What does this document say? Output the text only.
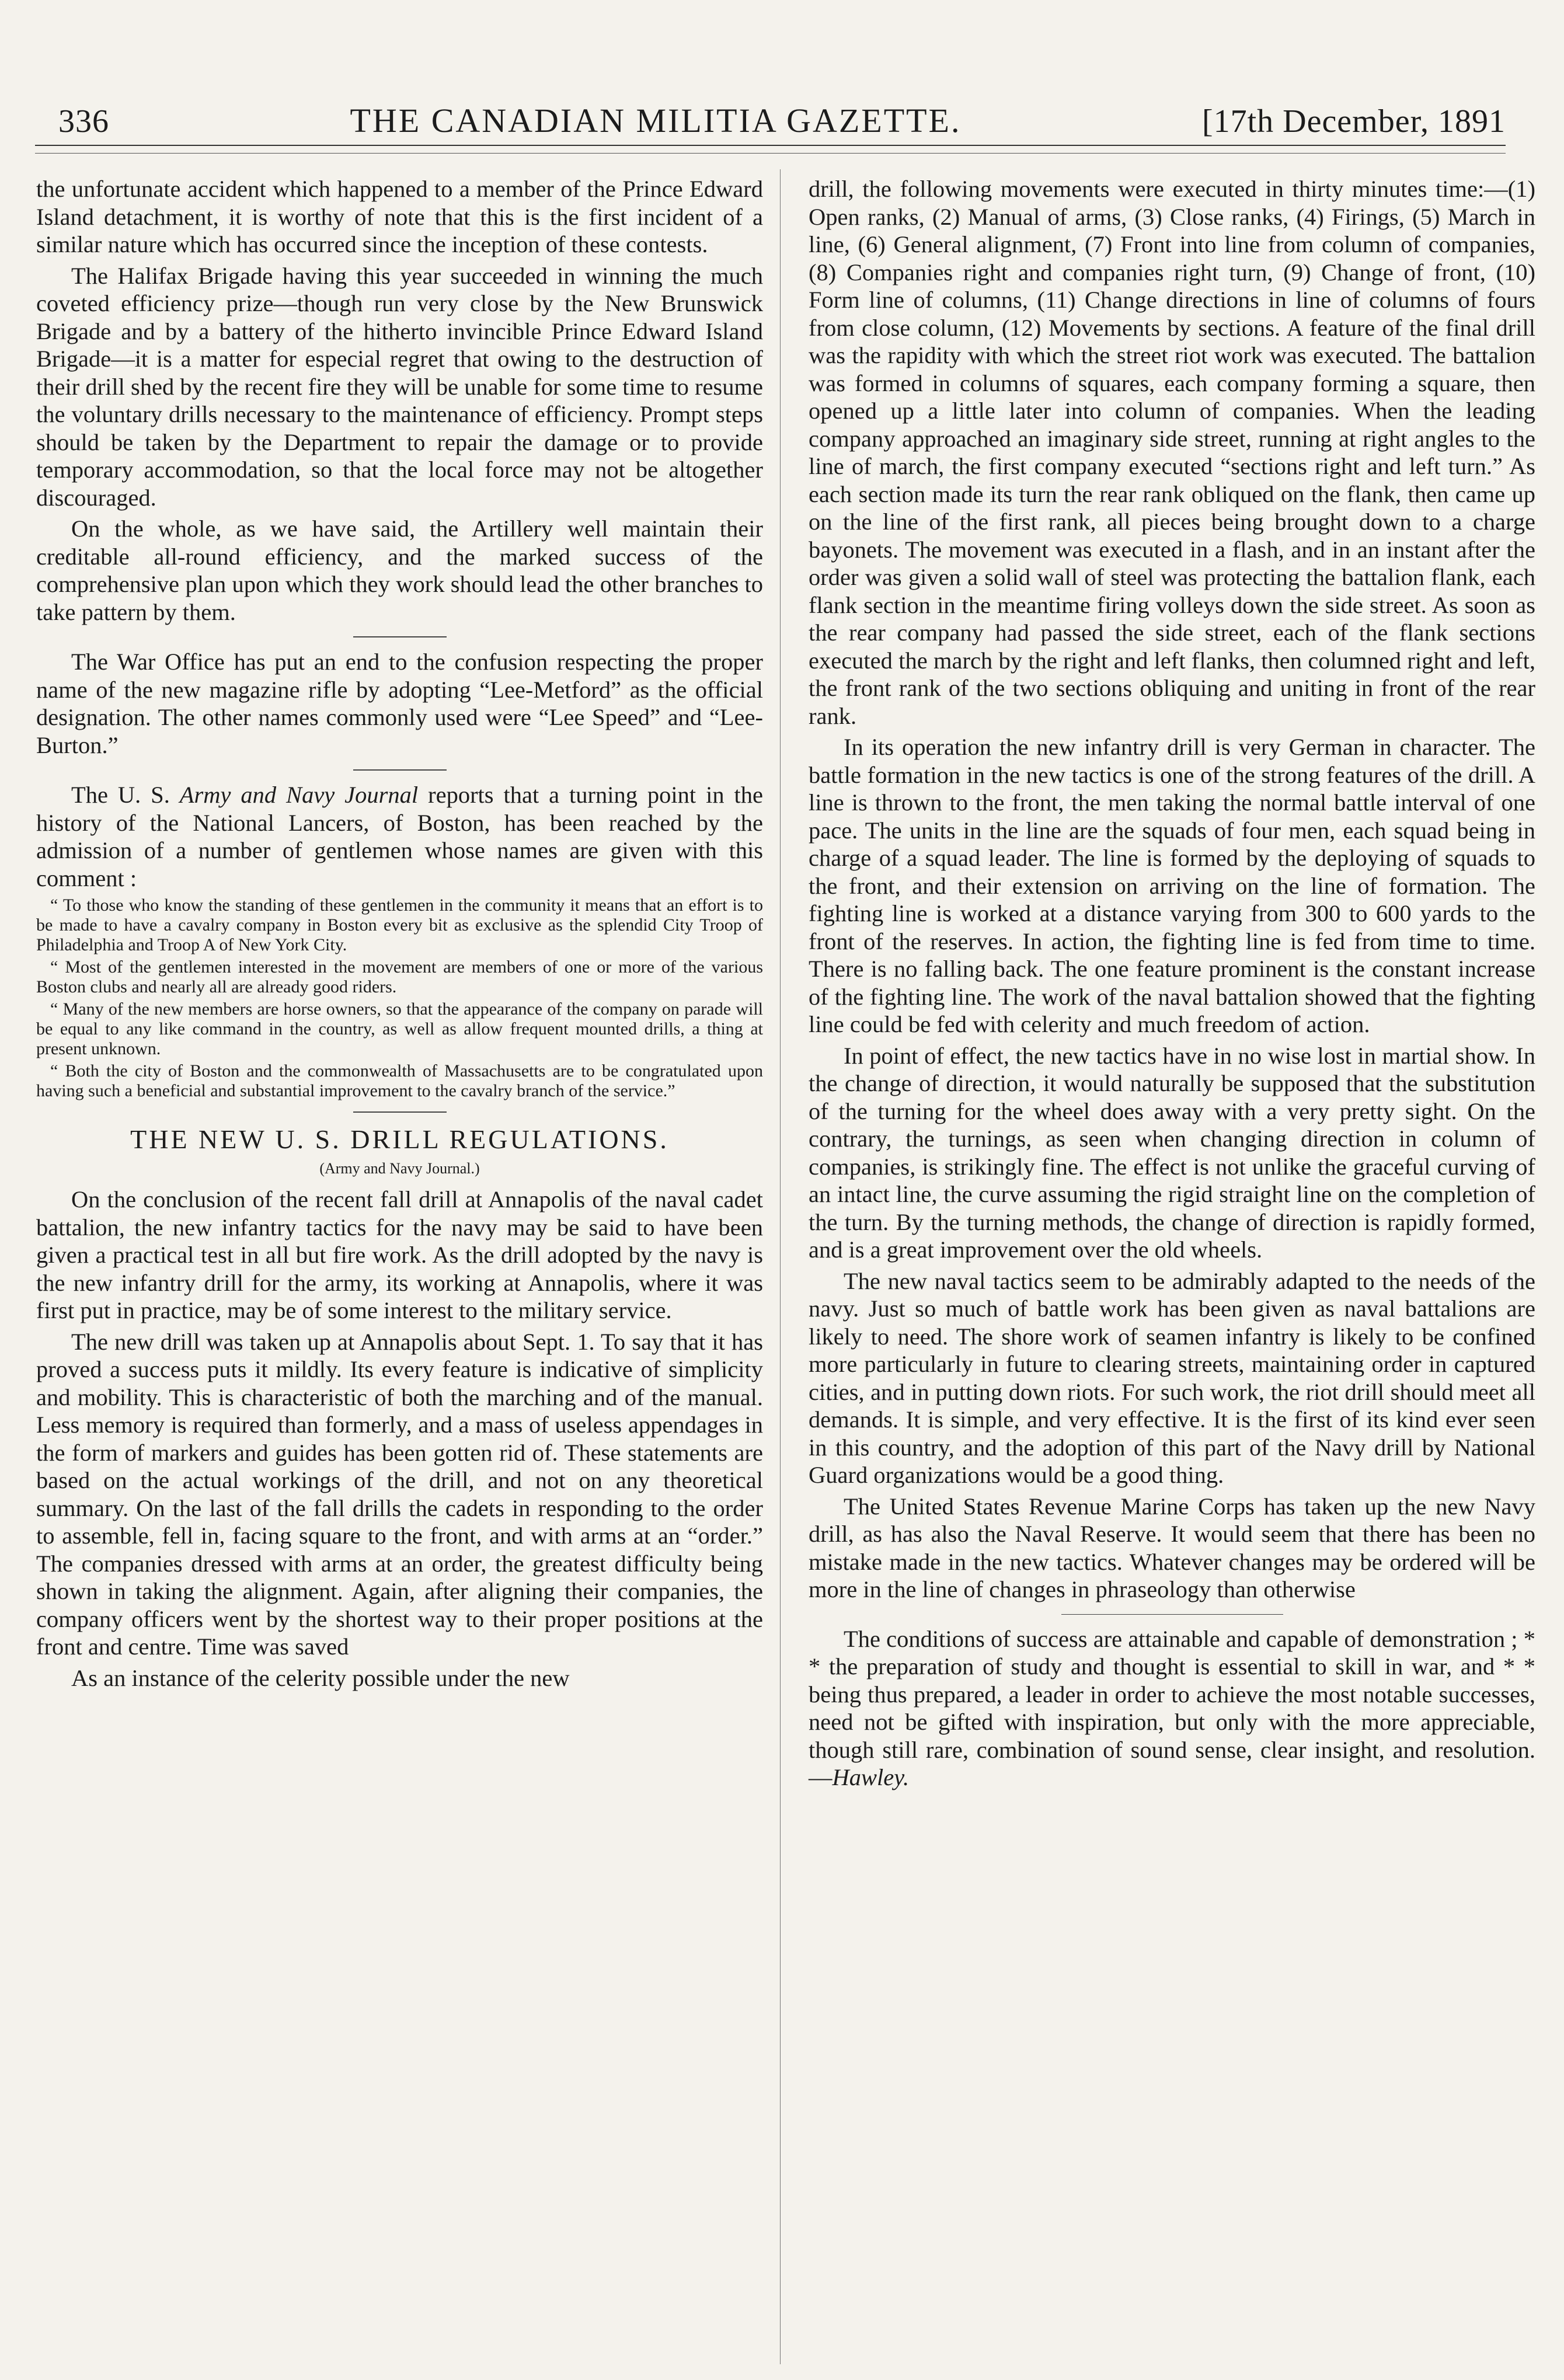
336	THE CANADIAN MILITIA GAZETTE.	[17th December, 1891

the unfortunate accident which happened to a member of the Prince Edward Island detachment, it is worthy of note that this is the first incident of a similar nature which has occurred since the inception of these contests.

The Halifax Brigade having this year succeeded in winning the much coveted efficiency prize—though run very close by the New Brunswick Brigade and by a battery of the hitherto invincible Prince Edward Island Brigade—it is a matter for especial regret that owing to the destruction of their drill shed by the recent fire they will be unable for some time to resume the voluntary drills necessary to the maintenance of efficiency. Prompt steps should be taken by the Department to repair the damage or to provide temporary accommodation, so that the local force may not be altogether discouraged.

On the whole, as we have said, the Artillery well maintain their creditable all-round efficiency, and the marked success of the comprehensive plan upon which they work should lead the other branches to take pattern by them.

The War Office has put an end to the confusion respecting the proper name of the new magazine rifle by adopting “Lee-Metford” as the official designation. The other names commonly used were “Lee Speed” and “Lee-Burton.”

The U. S. Army and Navy Journal reports that a turning point in the history of the National Lancers, of Boston, has been reached by the admission of a number of gentlemen whose names are given with this comment :

“ To those who know the standing of these gentlemen in the community it means that an effort is to be made to have a cavalry company in Boston every bit as exclusive as the splendid City Troop of Philadelphia and Troop A of New York City.

“ Most of the gentlemen interested in the movement are members of one or more of the various Boston clubs and nearly all are already good riders.

“ Many of the new members are horse owners, so that the appearance of the company on parade will be equal to any like command in the country, as well as allow frequent mounted drills, a thing at present unknown.

“ Both the city of Boston and the commonwealth of Massachusetts are to be congratulated upon having such a beneficial and substantial improvement to the cavalry branch of the service.”

THE NEW U. S. DRILL REGULATIONS.
(Army and Navy Journal.)

On the conclusion of the recent fall drill at Annapolis of the naval cadet battalion, the new infantry tactics for the navy may be said to have been given a practical test in all but fire work. As the drill adopted by the navy is the new infantry drill for the army, its working at Annapolis, where it was first put in practice, may be of some interest to the military service.

The new drill was taken up at Annapolis about Sept. 1. To say that it has proved a success puts it mildly. Its every feature is indicative of simplicity and mobility. This is characteristic of both the marching and of the manual. Less memory is required than formerly, and a mass of useless appendages in the form of markers and guides has been gotten rid of. These statements are based on the actual workings of the drill, and not on any theoretical summary. On the last of the fall drills the cadets in responding to the order to assemble, fell in, facing square to the front, and with arms at an “order.” The companies dressed with arms at an order, the greatest difficulty being shown in taking the alignment. Again, after aligning their companies, the company officers went by the shortest way to their proper positions at the front and centre. Time was saved

As an instance of the celerity possible under the new

drill, the following movements were executed in thirty minutes time:—(1) Open ranks, (2) Manual of arms, (3) Close ranks, (4) Firings, (5) March in line, (6) General alignment, (7) Front into line from column of companies, (8) Companies right and companies right turn, (9) Change of front, (10) Form line of columns, (11) Change directions in line of columns of fours from close column, (12) Movements by sections. A feature of the final drill was the rapidity with which the street riot work was executed. The battalion was formed in columns of squares, each company forming a square, then opened up a little later into column of companies. When the leading company approached an imaginary side street, running at right angles to the line of march, the first company executed “sections right and left turn.” As each section made its turn the rear rank obliqued on the flank, then came up on the line of the first rank, all pieces being brought down to a charge bayonets. The movement was executed in a flash, and in an instant after the order was given a solid wall of steel was protecting the battalion flank, each flank section in the meantime firing volleys down the side street. As soon as the rear company had passed the side street, each of the flank sections executed the march by the right and left flanks, then columned right and left, the front rank of the two sections obliquing and uniting in front of the rear rank.

In its operation the new infantry drill is very German in character. The battle formation in the new tactics is one of the strong features of the drill. A line is thrown to the front, the men taking the normal battle interval of one pace. The units in the line are the squads of four men, each squad being in charge of a squad leader. The line is formed by the deploying of squads to the front, and their extension on arriving on the line of formation. The fighting line is worked at a distance varying from 300 to 600 yards to the front of the reserves. In action, the fighting line is fed from time to time. There is no falling back. The one feature prominent is the constant increase of the fighting line. The work of the naval battalion showed that the fighting line could be fed with celerity and much freedom of action.

In point of effect, the new tactics have in no wise lost in martial show. In the change of direction, it would naturally be supposed that the substitution of the turning for the wheel does away with a very pretty sight. On the contrary, the turnings, as seen when changing direction in column of companies, is strikingly fine. The effect is not unlike the graceful curving of an intact line, the curve assuming the rigid straight line on the completion of the turn. By the turning methods, the change of direction is rapidly formed, and is a great improvement over the old wheels.

The new naval tactics seem to be admirably adapted to the needs of the navy. Just so much of battle work has been given as naval battalions are likely to need. The shore work of seamen infantry is likely to be confined more particularly in future to clearing streets, maintaining order in captured cities, and in putting down riots. For such work, the riot drill should meet all demands. It is simple, and very effective. It is the first of its kind ever seen in this country, and the adoption of this part of the Navy drill by National Guard organizations would be a good thing.

The United States Revenue Marine Corps has taken up the new Navy drill, as has also the Naval Reserve. It would seem that there has been no mistake made in the new tactics. Whatever changes may be ordered will be more in the line of changes in phraseology than otherwise

The conditions of success are attainable and capable of demonstration ; * * the preparation of study and thought is essential to skill in war, and * * being thus prepared, a leader in order to achieve the most notable successes, need not be gifted with inspiration, but only with the more appreciable, though still rare, combination of sound sense, clear insight, and resolution.—Hawley.
